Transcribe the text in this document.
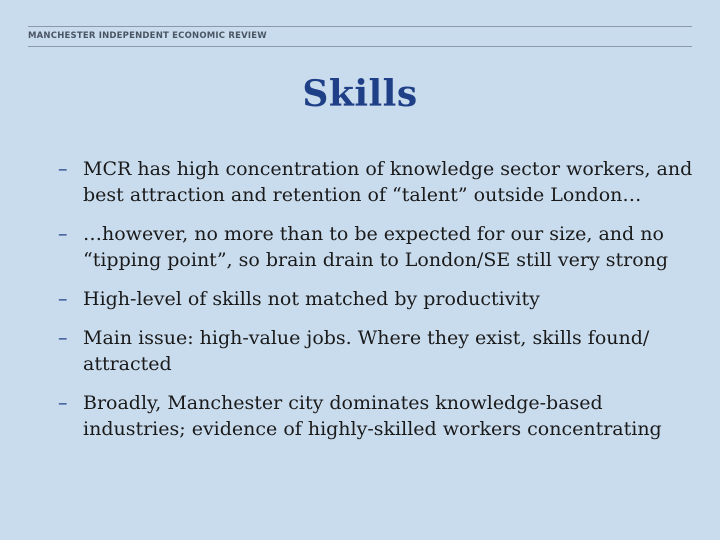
MANCHESTER INDEPENDENT ECONOMIC REVIEW
Skills
– MCR has high concentration of knowledge sector workers, and best attraction and retention of “talent” outside London…
– …however, no more than to be expected for our size, and no “tipping point”, so brain drain to London/SE still very strong
– High-level of skills not matched by productivity
– Main issue: high-value jobs. Where they exist, skills found/ attracted
– Broadly, Manchester city dominates knowledge-based industries; evidence of highly-skilled workers concentrating
